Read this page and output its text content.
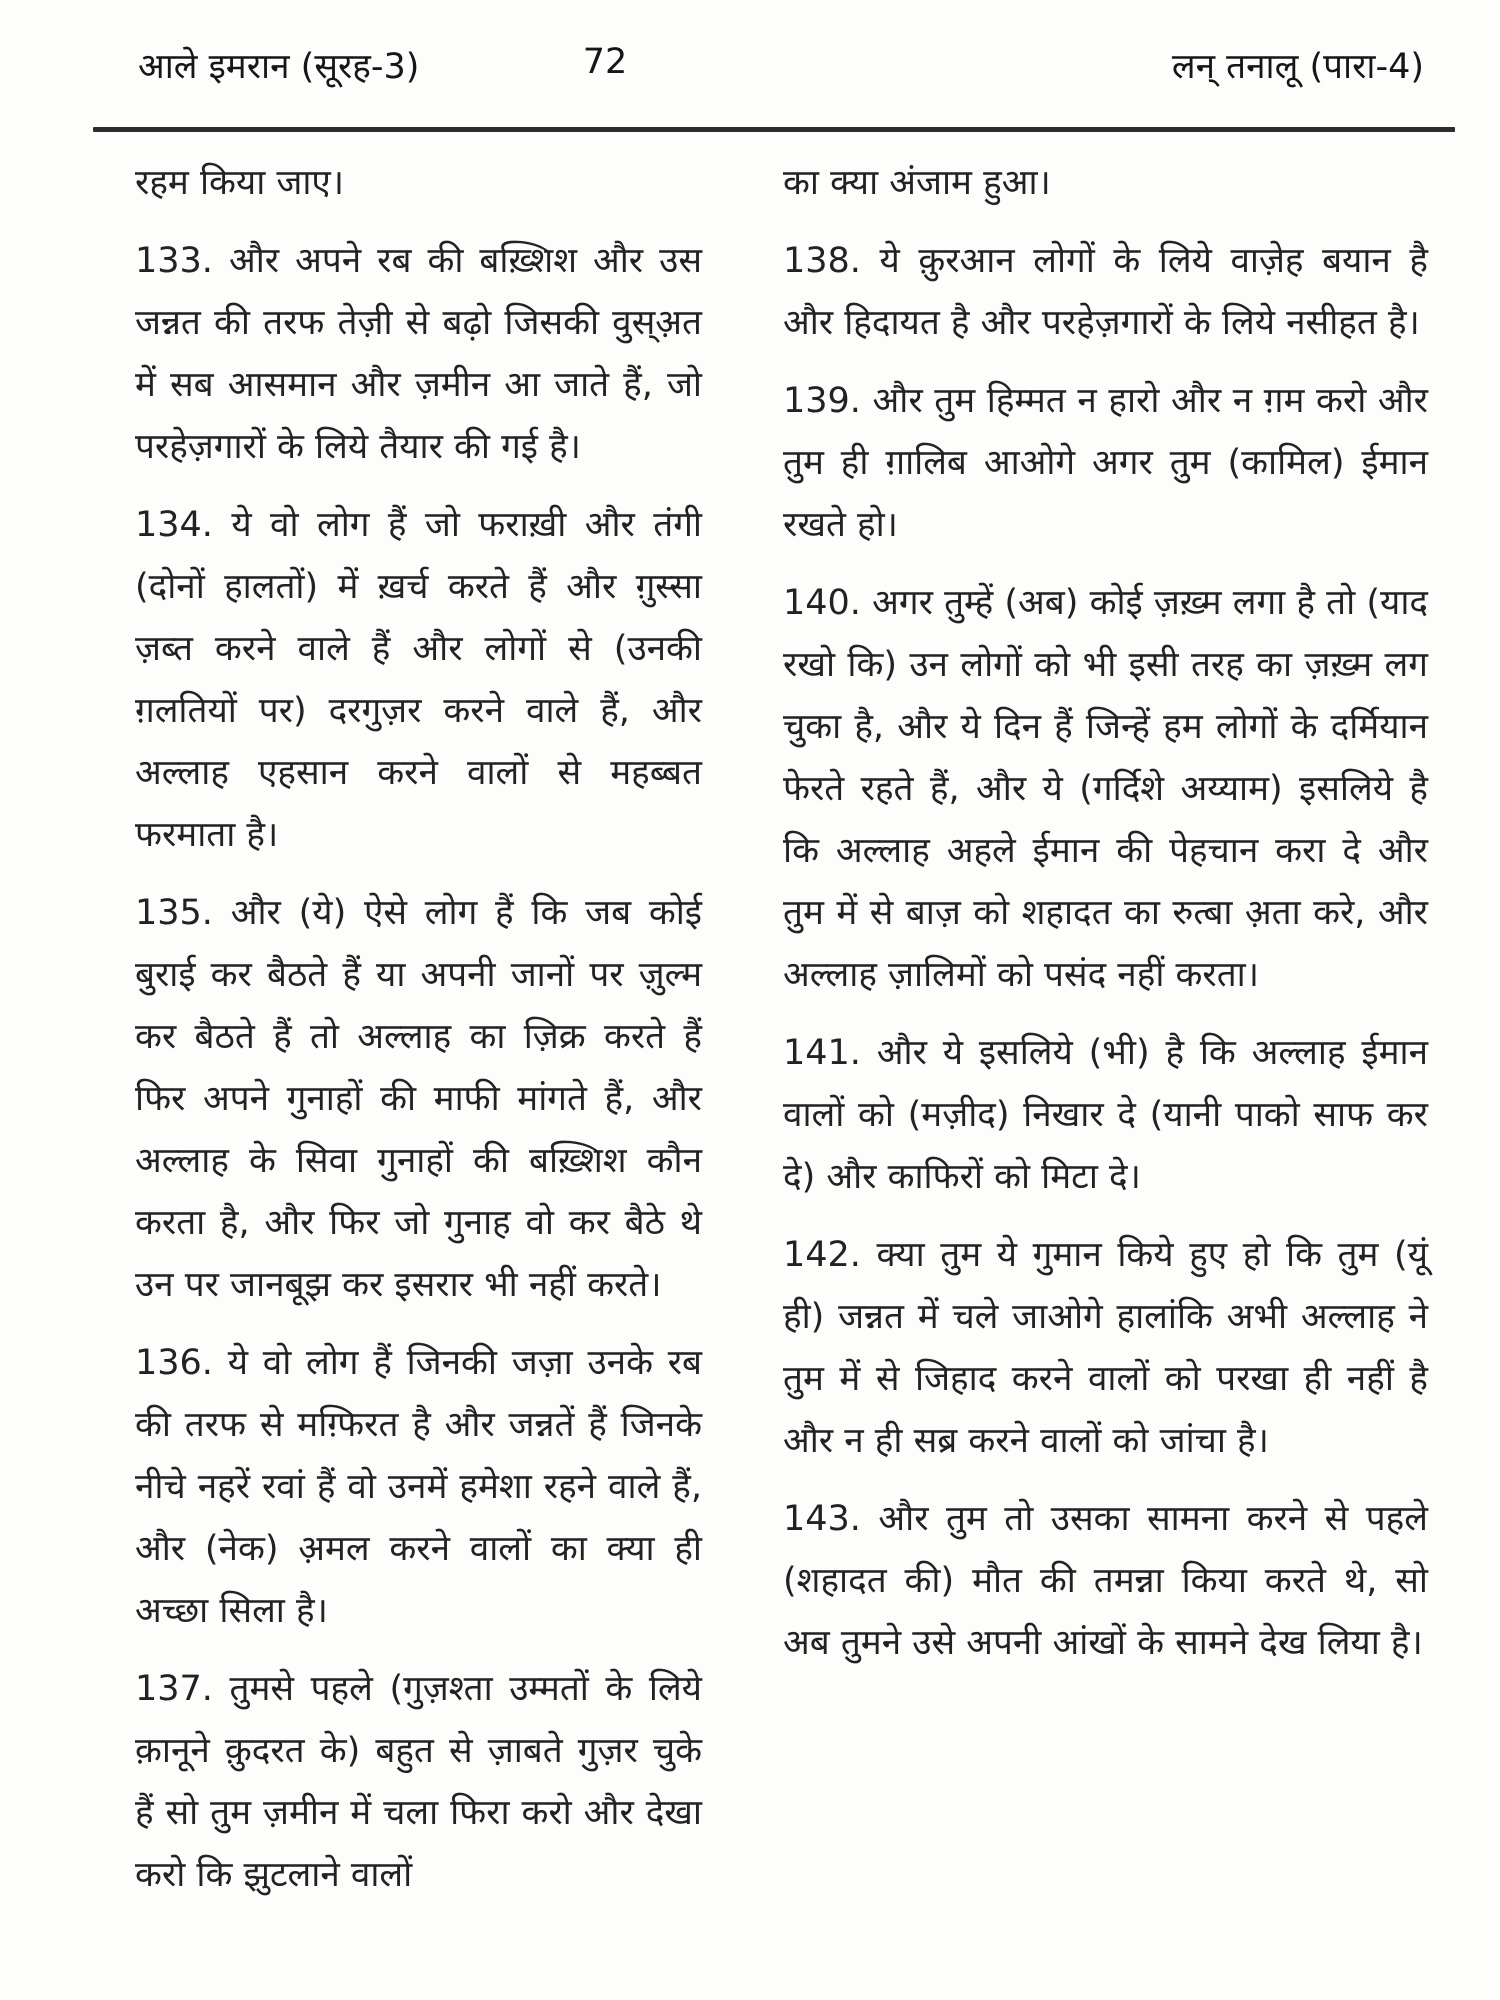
आले इमरान (सूरह-3)	72	लन् तनालू (पारा-4)

रहम किया जाए।

133. और अपने रब की बख़्शिश और उस जन्नत की तरफ तेज़ी से बढ़ो जिसकी वुस्अ़त में सब आसमान और ज़मीन आ जाते हैं, जो परहेज़गारों के लिये तैयार की गई है।

134. ये वो लोग हैं जो फराख़ी और तंगी (दोनों हालतों) में ख़र्च करते हैं और ग़ुस्सा ज़ब्त करने वाले हैं और लोगों से (उनकी ग़लतियों पर) दरगुज़र करने वाले हैं, और अल्लाह एहसान करने वालों से महब्बत फरमाता है।

135. और (ये) ऐसे लोग हैं कि जब कोई बुराई कर बैठते हैं या अपनी जानों पर ज़ुल्म कर बैठते हैं तो अल्लाह का ज़िक्र करते हैं फिर अपने गुनाहों की माफी मांगते हैं, और अल्लाह के सिवा गुनाहों की बख़्शिश कौन करता है, और फिर जो गुनाह वो कर बैठे थे उन पर जानबूझ कर इसरार भी नहीं करते।

136. ये वो लोग हैं जिनकी जज़ा उनके रब की तरफ से मग़्फिरत है और जन्नतें हैं जिनके नीचे नहरें रवां हैं वो उनमें हमेशा रहने वाले हैं, और (नेक) अ़मल करने वालों का क्या ही अच्छा सिला है।

137. तुमसे पहले (गुज़श्ता उम्मतों के लिये क़ानूने क़ुदरत के) बहुत से ज़ाबते गुज़र चुके हैं सो तुम ज़मीन में चला फिरा करो और देखा करो कि झुटलाने वालों

का क्या अंजाम हुआ।

138. ये क़ुरआन लोगों के लिये वाज़ेह बयान है और हिदायत है और परहेज़गारों के लिये नसीहत है।

139. और तुम हिम्मत न हारो और न ग़म करो और तुम ही ग़ालिब आओगे अगर तुम (कामिल) ईमान रखते हो।

140. अगर तुम्हें (अब) कोई ज़ख़्म लगा है तो (याद रखो कि) उन लोगों को भी इसी तरह का ज़ख़्म लग चुका है, और ये दिन हैं जिन्हें हम लोगों के दर्मियान फेरते रहते हैं, और ये (गर्दिशे अय्याम) इसलिये है कि अल्लाह अहले ईमान की पेहचान करा दे और तुम में से बाज़ को शहादत का रुत्बा अ़ता करे, और अल्लाह ज़ालिमों को पसंद नहीं करता।

141. और ये इसलिये (भी) है कि अल्लाह ईमान वालों को (मज़ीद) निखार दे (यानी पाको साफ कर दे) और काफिरों को मिटा दे।

142. क्या तुम ये गुमान किये हुए हो कि तुम (यूं ही) जन्नत में चले जाओगे हालांकि अभी अल्लाह ने तुम में से जिहाद करने वालों को परखा ही नहीं है और न ही सब्र करने वालों को जांचा है।

143. और तुम तो उसका सामना करने से पहले (शहादत की) मौत की तमन्ना किया करते थे, सो अब तुमने उसे अपनी आंखों के सामने देख लिया है।
